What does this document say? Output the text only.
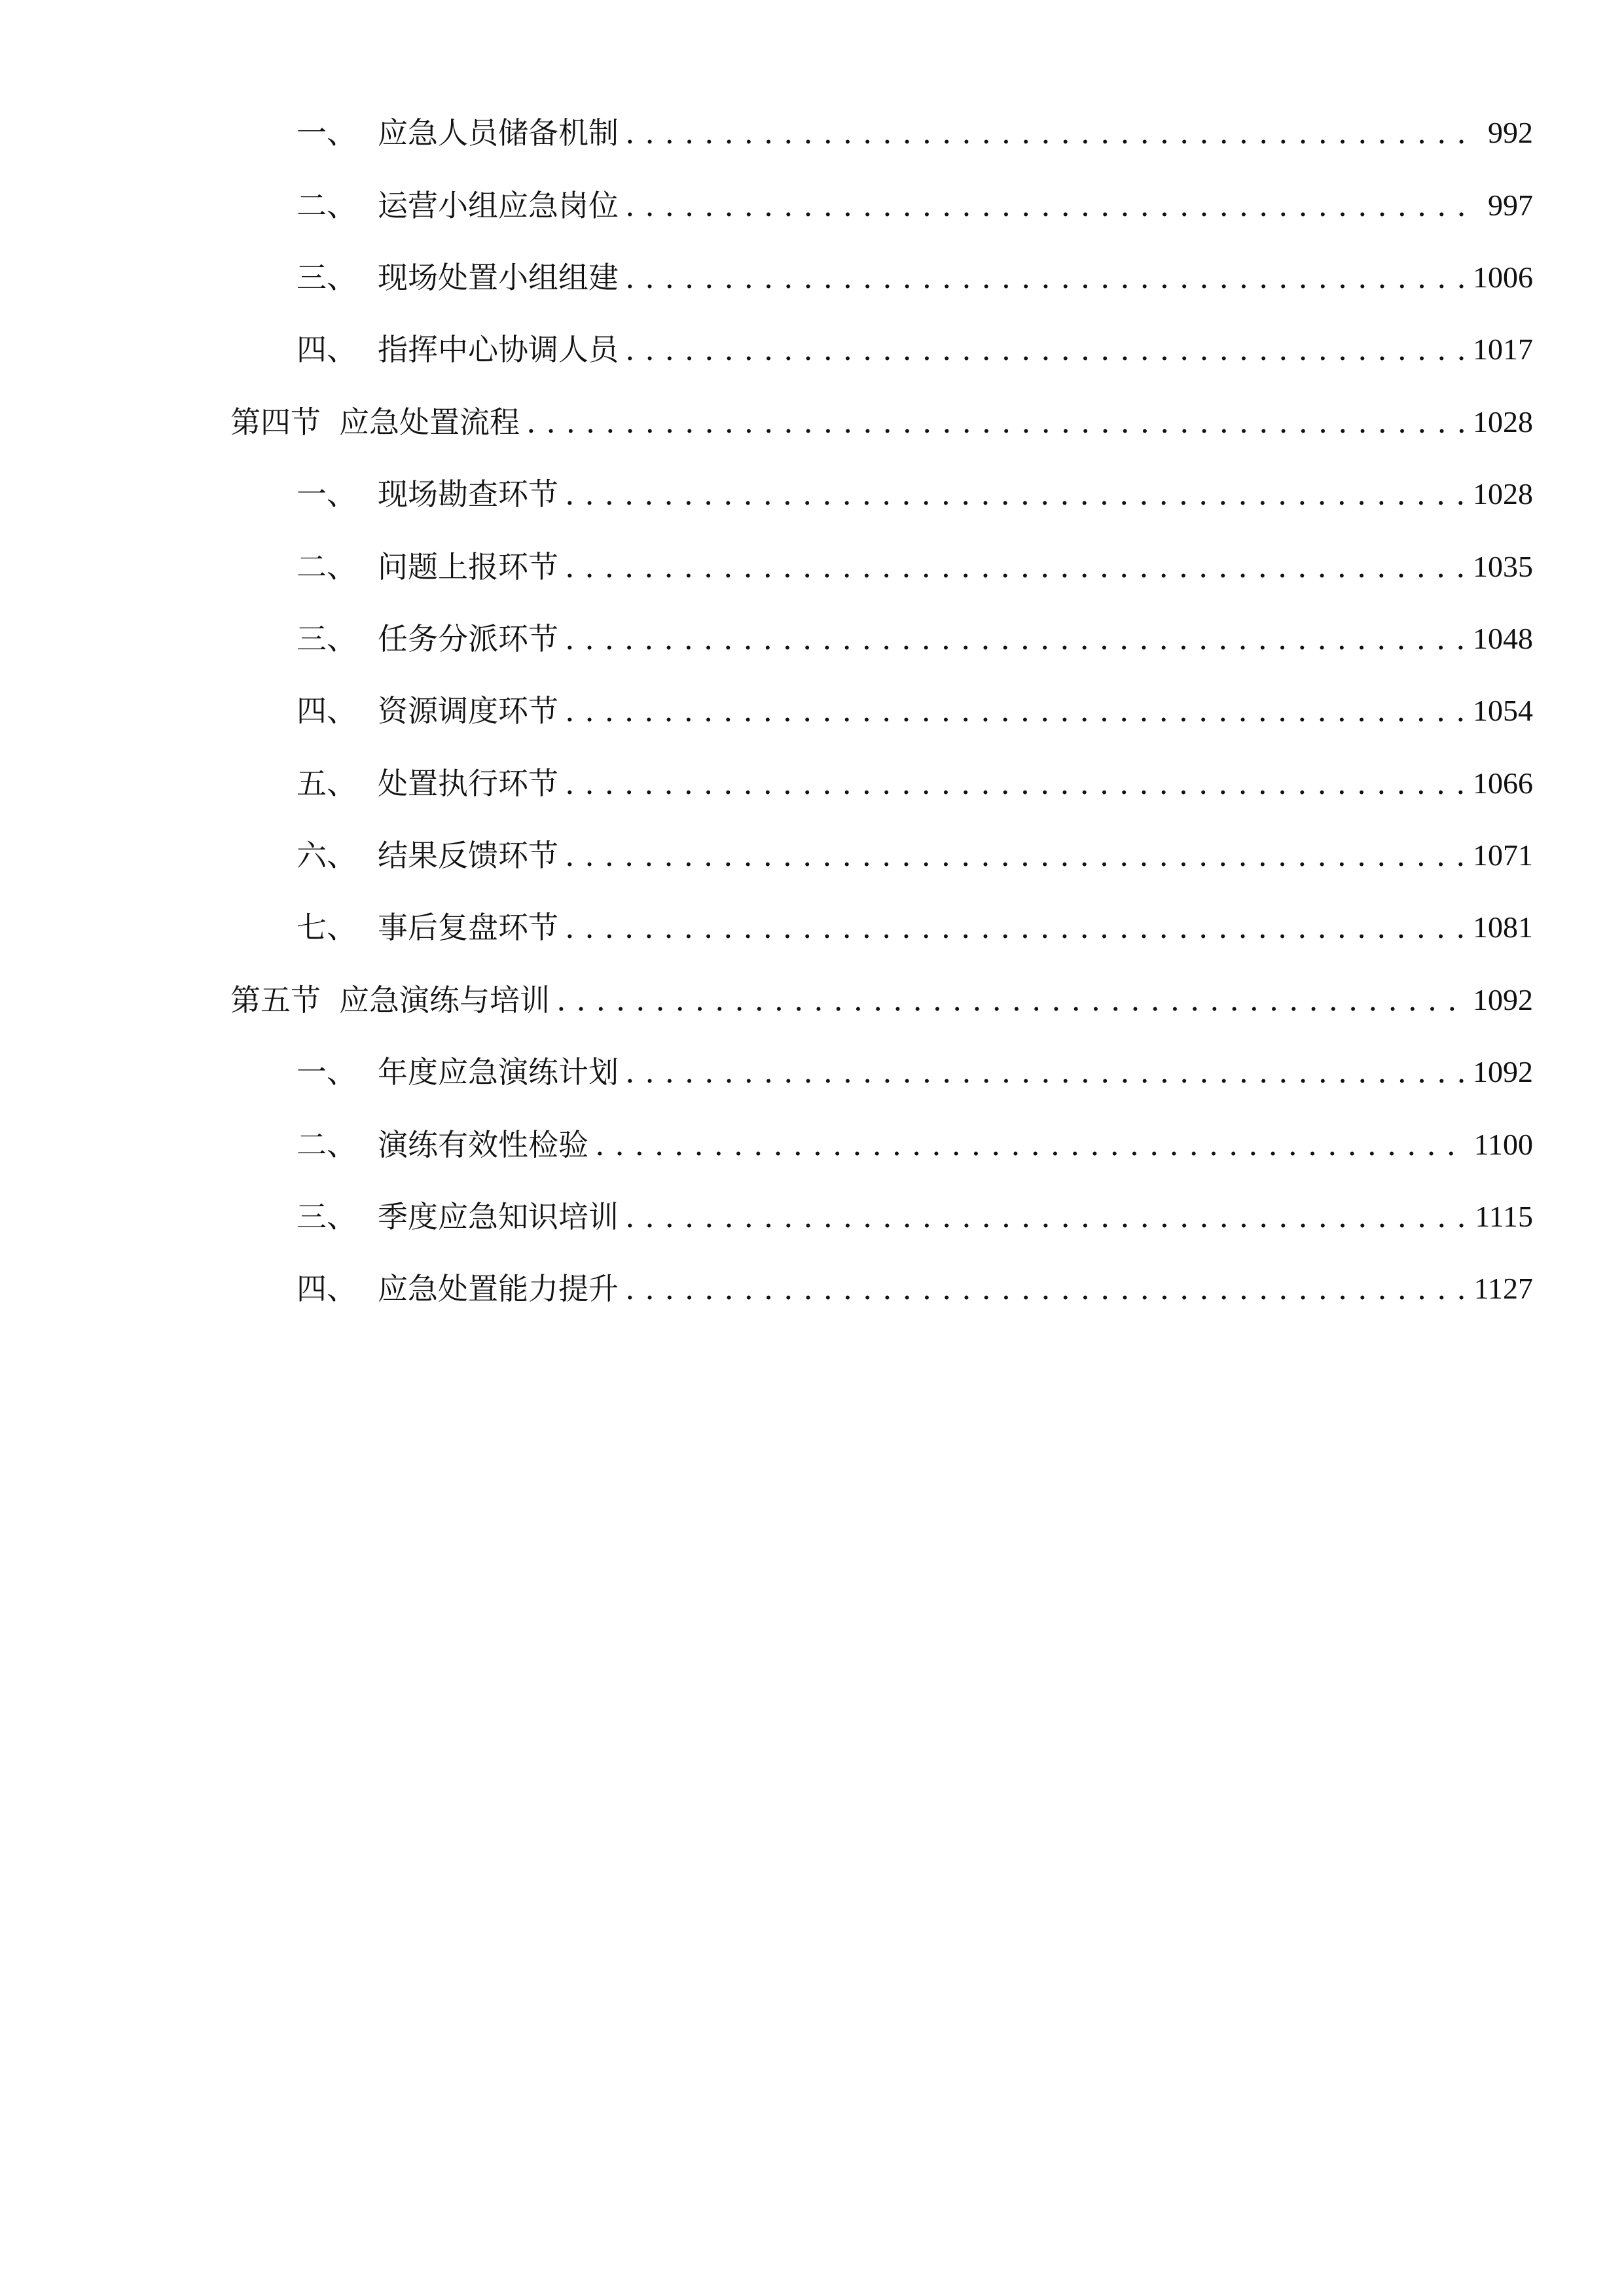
一、 应急人员储备机制 . . .	992
二、 运营小组应急岗位 . . .	997
三、 现场处置小组组建 . . .	1006
四、 指挥中心协调人员 . . .	1017
第四节 应急处置流程 . . .	1028
一、 现场勘查环节 . . .	1028
二、 问题上报环节 . . .	1035
三、 任务分派环节 . . .	1048
四、 资源调度环节 . . .	1054
五、 处置执行环节 . . .	1066
六、 结果反馈环节 . . .	1071
七、 事后复盘环节 . . .	1081
第五节 应急演练与培训 . . .	1092
一、 年度应急演练计划 . . .	1092
二、 演练有效性检验 . . .	1100
三、 季度应急知识培训 . . .	1115
四、 应急处置能力提升 . . .	1127
